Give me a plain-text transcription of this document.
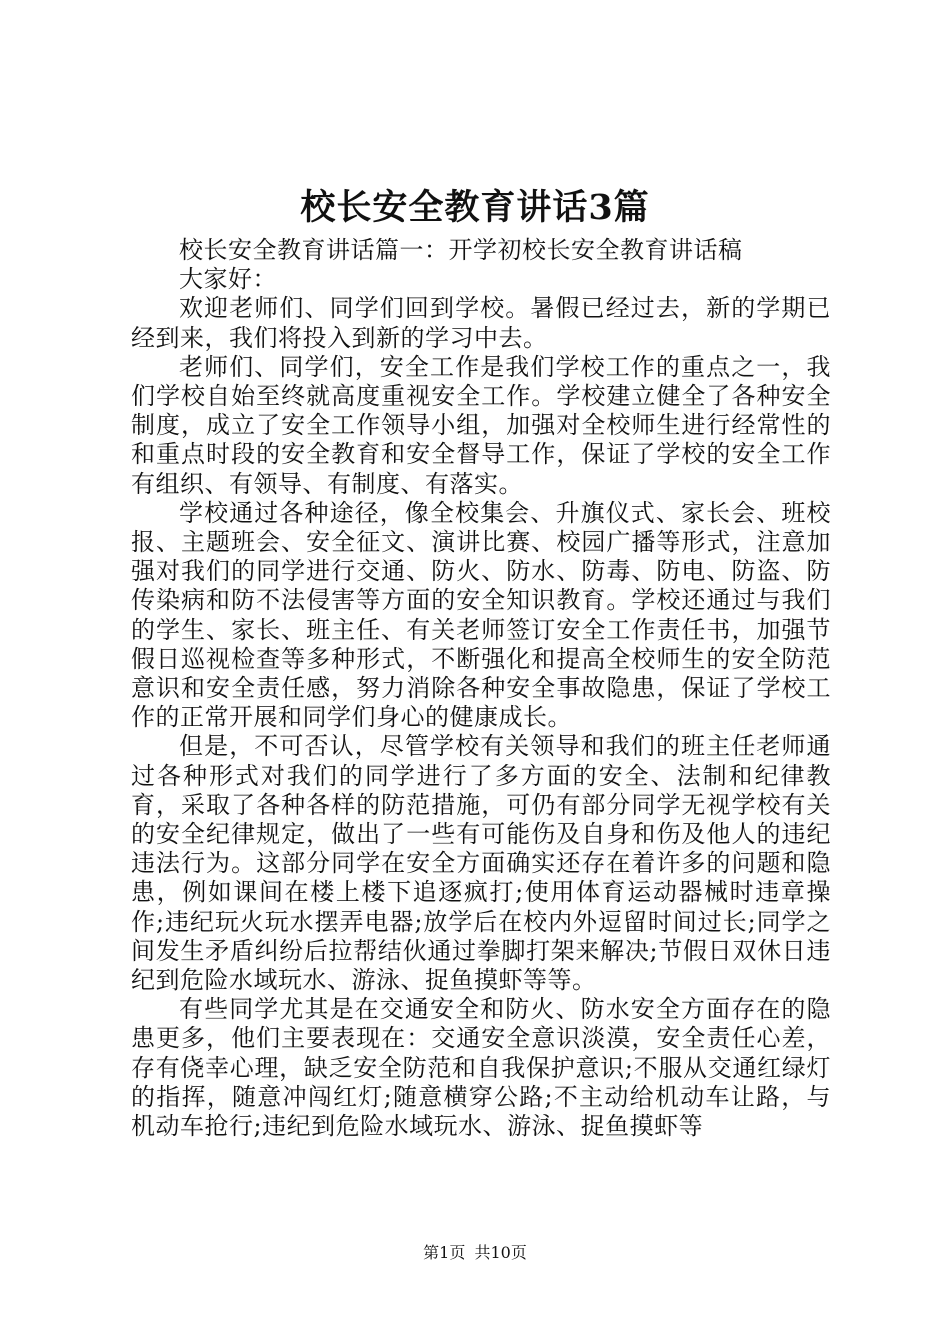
校长安全教育讲话3篇

校长安全教育讲话篇一：开学初校长安全教育讲话稿

大家好：

欢迎老师们、同学们回到学校。暑假已经过去，新的学期已经到来，我们将投入到新的学习中去。

老师们、同学们，安全工作是我们学校工作的重点之一，我们学校自始至终就高度重视安全工作。学校建立健全了各种安全制度，成立了安全工作领导小组，加强对全校师生进行经常性的和重点时段的安全教育和安全督导工作，保证了学校的安全工作有组织、有领导、有制度、有落实。

学校通过各种途径，像全校集会、升旗仪式、家长会、班校报、主题班会、安全征文、演讲比赛、校园广播等形式，注意加强对我们的同学进行交通、防火、防水、防毒、防电、防盗、防传染病和防不法侵害等方面的安全知识教育。学校还通过与我们的学生、家长、班主任、有关老师签订安全工作责任书，加强节假日巡视检查等多种形式，不断强化和提高全校师生的安全防范意识和安全责任感，努力消除各种安全事故隐患，保证了学校工作的正常开展和同学们身心的健康成长。

但是，不可否认，尽管学校有关领导和我们的班主任老师通过各种形式对我们的同学进行了多方面的安全、法制和纪律教育，采取了各种各样的防范措施，可仍有部分同学无视学校有关的安全纪律规定，做出了一些有可能伤及自身和伤及他人的违纪违法行为。这部分同学在安全方面确实还存在着许多的问题和隐患，例如课间在楼上楼下追逐疯打;使用体育运动器械时违章操作;违纪玩火玩水摆弄电器;放学后在校内外逗留时间过长;同学之间发生矛盾纠纷后拉帮结伙通过拳脚打架来解决;节假日双休日违纪到危险水域玩水、游泳、捉鱼摸虾等等。

有些同学尤其是在交通安全和防火、防水安全方面存在的隐患更多，他们主要表现在：交通安全意识淡漠，安全责任心差，存有侥幸心理，缺乏安全防范和自我保护意识;不服从交通红绿灯的指挥，随意冲闯红灯;随意横穿公路;不主动给机动车让路，与机动车抢行;违纪到危险水域玩水、游泳、捉鱼摸虾等

第1页 共10页
